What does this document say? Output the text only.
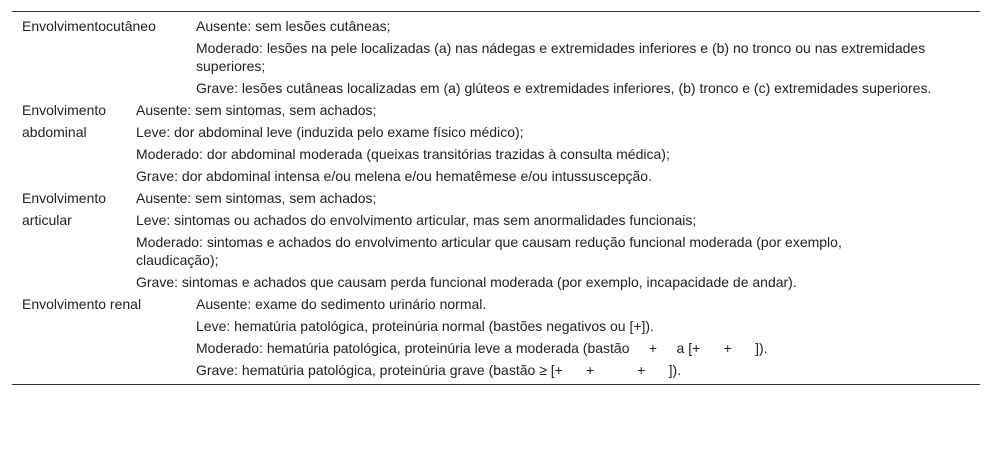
Envolvimentocutâneo	Ausente: sem lesões cutâneas;
Moderado: lesões na pele localizadas (a) nas nádegas e extremidades inferiores e (b) no tronco ou nas extremidades superiores;
Grave: lesões cutâneas localizadas em (a) glúteos e extremidades inferiores, (b) tronco e (c) extremidades superiores.
Envolvimento abdominal
Ausente: sem sintomas, sem achados;
Leve: dor abdominal leve (induzida pelo exame físico médico);
Moderado: dor abdominal moderada (queixas transitórias trazidas à consulta médica);
Grave: dor abdominal intensa e/ou melena e/ou hematêmese e/ou intussuscepção.
Envolvimento articular
Ausente: sem sintomas, sem achados;
Leve: sintomas ou achados do envolvimento articular, mas sem anormalidades funcionais;
Moderado: sintomas e achados do envolvimento articular que causam redução funcional moderada (por exemplo, claudicação);
Grave: sintomas e achados que causam perda funcional moderada (por exemplo, incapacidade de andar).
Envolvimento renal	Ausente: exame do sedimento urinário normal.
Leve: hematúria patológica, proteinúria normal (bastões negativos ou [+]).
Moderado: hematúria patológica, proteinúria leve a moderada (bastão     +     a [+      +      ]).
Grave: hematúria patológica, proteinúria grave (bastão ≥ [+      +           +      ]).
